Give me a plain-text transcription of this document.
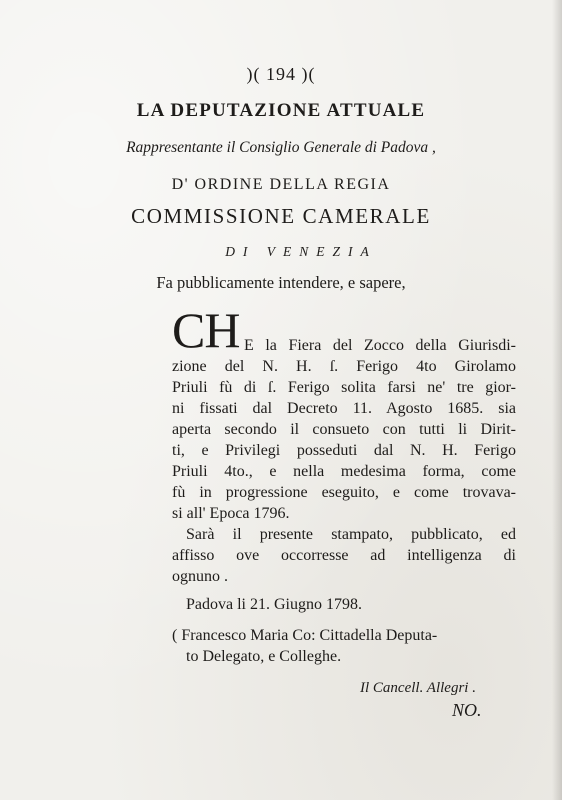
)( 194 )(
LA DEPUTAZIONE ATTUALE
Rappresentante il Consiglio Generale di Padova ,
D' ORDINE DELLA REGIA
COMMISSIONE CAMERALE
DI VENEZIA
Fa pubblicamente intendere, e sapere,
CH E la Fiera del Zocco della Giurisdi-
zione del N. H. ſ. Ferigo 4to Girolamo
Priuli fù di ſ. Ferigo solita farsi ne' tre gior-
ni fissati dal Decreto 11. Agosto 1685. sia
aperta secondo il consueto con tutti li Dirit-
ti, e Privilegi posseduti dal N. H. Ferigo
Priuli 4to., e nella medesima forma, come
fù in progressione eseguito, e come trovava-
si all' Epoca 1796.
Sarà il presente stampato, pubblicato, ed
affisso ove occorresse ad intelligenza di
ognuno .
Padova li 21. Giugno 1798.
( Francesco Maria Co: Cittadella Deputa-
to Delegato, e Colleghe.
Il Cancell. Allegri .
NO.
